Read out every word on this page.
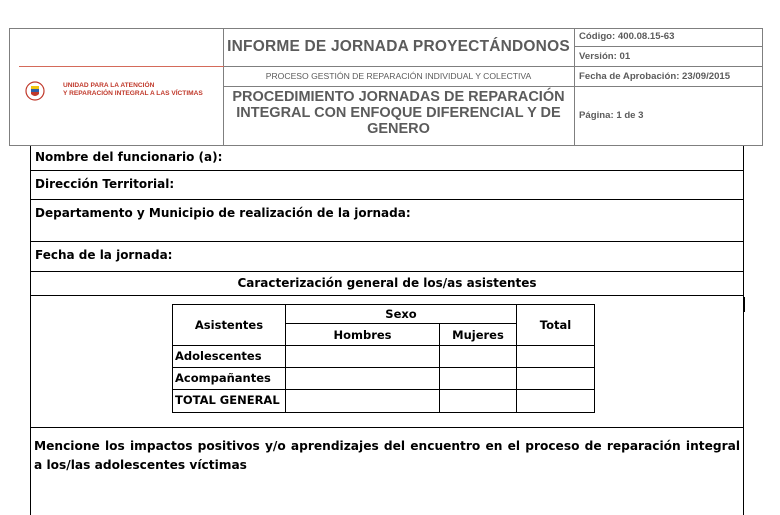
UNIDAD PARA LA ATENCIÓN
Y REPARACIÓN INTEGRAL A LAS VÍCTIMAS
INFORME DE JORNADA PROYECTÁNDONOS
PROCESO GESTIÓN DE REPARACIÓN INDIVIDUAL Y COLECTIVA
PROCEDIMIENTO JORNADAS DE REPARACIÓN
INTEGRAL CON ENFOQUE DIFERENCIAL Y DE
GENERO
Código: 400.08.15-63
Versión: 01
Fecha de Aprobación: 23/09/2015
Página: 1 de 3
Nombre del funcionario (a):
Dirección Territorial:
Departamento y Municipio de realización de la jornada:
Fecha de la jornada:
Caracterización general de los/as asistentes
Asistentes
Sexo
Hombres	Mujeres
Total
Adolescentes
Acompañantes
TOTAL GENERAL
Mencione los impactos positivos y/o aprendizajes del encuentro en el proceso de reparación integral a los/las adolescentes víctimas
